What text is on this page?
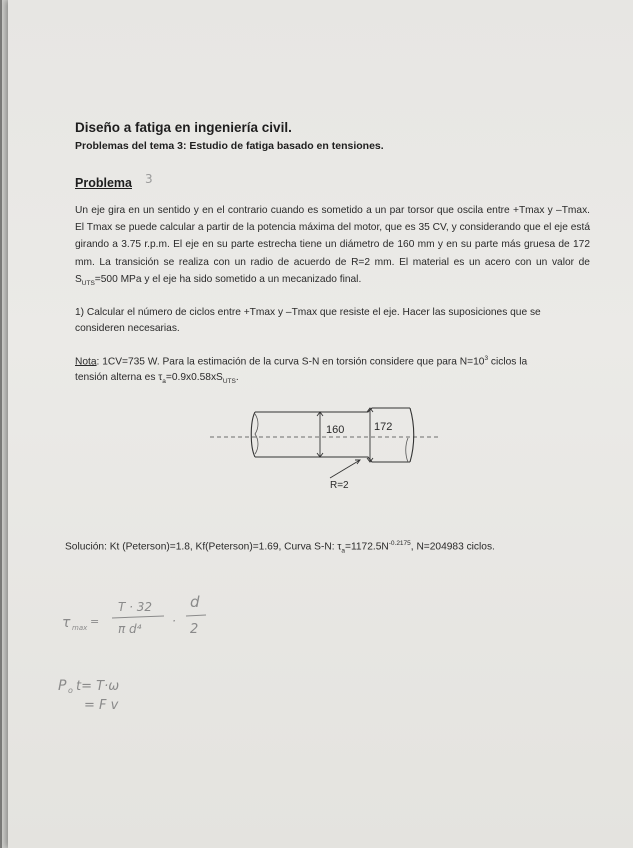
Diseño a fatiga en ingeniería civil.
Problemas del tema 3: Estudio de fatiga basado en tensiones.
Problema 3

Un eje gira en un sentido y en el contrario cuando es sometido a un par torsor que oscila entre +Tmax y –Tmax. El Tmax se puede calcular a partir de la potencia máxima del motor, que es 35 CV, y considerando que el eje está girando a 3.75 r.p.m. El eje en su parte estrecha tiene un diámetro de 160 mm y en su parte más gruesa de 172 mm. La transición se realiza con un radio de acuerdo de R=2 mm. El material es un acero con un valor de $S_{UTS}=500$ MPa y el eje ha sido sometido a un mecanizado final.

1) Calcular el número de ciclos entre +Tmax y –Tmax que resiste el eje. Hacer las suposiciones que se
consideren necesarias.

Nota: 1CV=735 W. Para la estimación de la curva S-N en torsión considere que para $N=10^3$ ciclos la
tensión alterna es $\tau_a=0.9x0.58xS_{UTS}$.

160	172
R=2
Solución: Kt (Peterson)=1.8, Kf(Peterson)=1.69, Curva S-N: $\tau_a=1172.5N^{-0.2175}$, N=204983 ciclos.
τ max =
T · 32
π d⁴
·
d
2
P o t= T·ω
= F v
